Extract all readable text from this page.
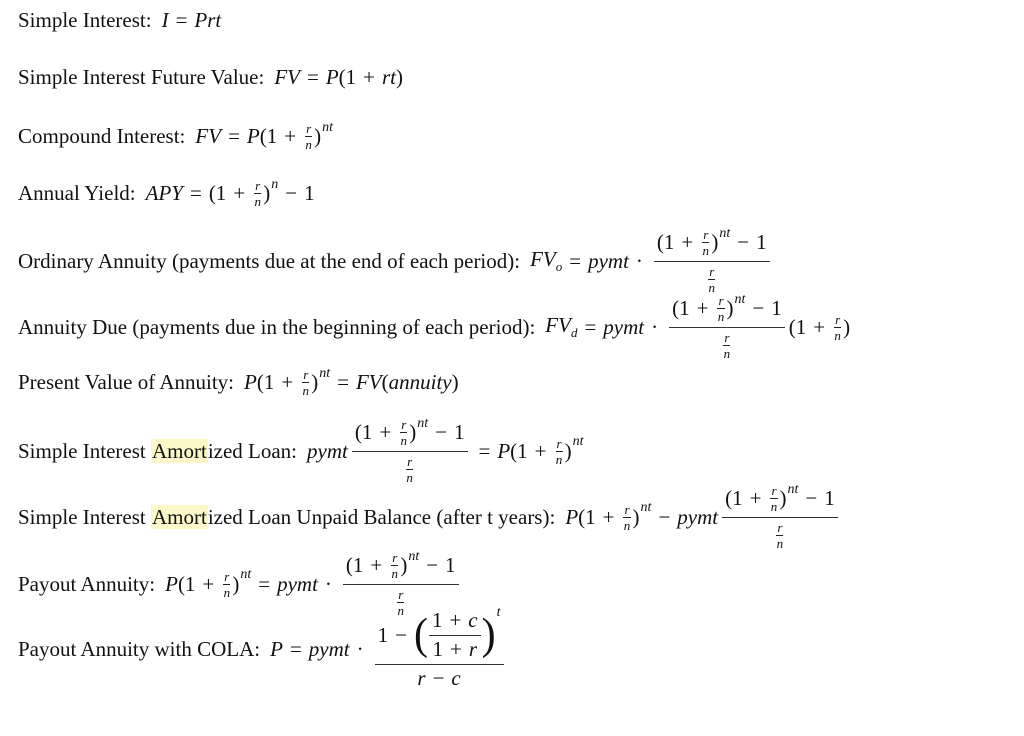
Simple Interest: I = Prt
Simple Interest Future Value: FV = P (1 + rt )
Compound Interest: FV = P ($1 + \frac{r}{n}$ ) nt
Annual Yield: APY = ($1 + \frac{r}{n}$ ) n − 1
Ordinary Annuity (payments due at the end of each period): $FV_o$ = pymt · $\frac{(1 + \frac{r}{n} ) nt - 1}{\frac{r}{n}}$
Annuity Due (payments due in the beginning of each period): $FV_d$ = pymt · $\frac{(1 + \frac{r}{n} ) nt - 1}{\frac{r}{n}} (1 + \frac{r}{n}$ )
Present Value of Annuity: P ($1 + \frac{r}{n}$ ) nt = FV ( annuity )
Simple Interest Amortized Loan: pymt $\frac{(1 + \frac{r}{n} ) nt - 1}{\frac{r}{n}} = P$ ($1 + \frac{r}{n}$ ) nt
Simple Interest Amortized Loan Unpaid Balance (after t years): P ($1 + \frac{r}{n}$ ) nt − pymt $\frac{(1 + \frac{r}{n} ) nt - 1}{\frac{r}{n}}$
Payout Annuity: P ($1 + \frac{r}{n}$ ) nt = pymt · $\frac{(1 + \frac{r}{n} ) nt - 1}{\frac{r}{n}}$
Payout Annuity with COLA: P = pymt · $\frac{1 - ( \frac{1 + c}{1 + r} ) t}{r - c}$
